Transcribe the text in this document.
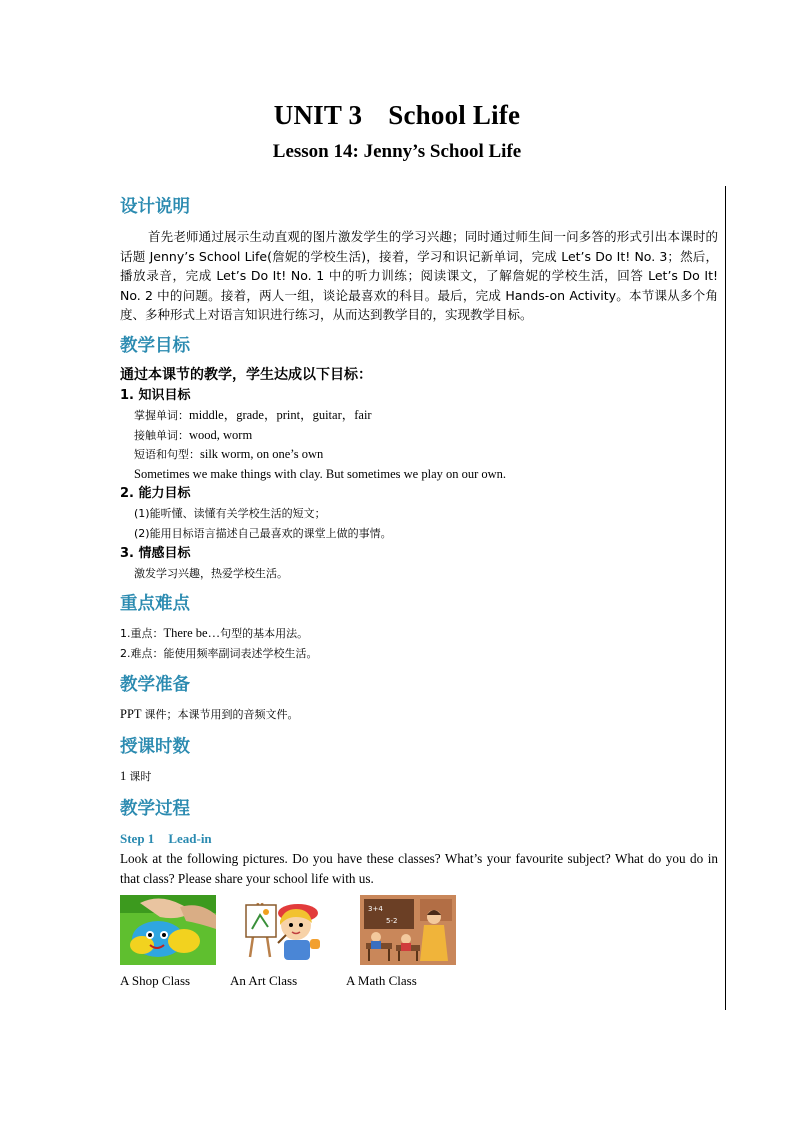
UNIT 3 School Life
Lesson 14: Jenny’s School Life
设计说明
首先老师通过展示生动直观的图片激发学生的学习兴趣；同时通过师生间一问多答的形式引出本课时的话题 Jenny’s School Life(詹妮的学校生活)，接着，学习和识记新单词，完成 Let’s Do It! No. 3；然后，播放录音，完成 Let’s Do It! No. 1 中的听力训练；阅读课文，了解詹妮的学校生活，回答 Let’s Do It! No. 2 中的问题。接着，两人一组，谈论最喜欢的科目。最后，完成 Hands-on Activity。本节课从多个角度、多种形式上对语言知识进行练习，从而达到教学目的，实现教学目标。
教学目标
通过本课节的教学，学生达成以下目标：
1. 知识目标
掌握单词：middle，grade，print，guitar，fair
接触单词：wood, worm
短语和句型：silk worm, on one’s own
Sometimes we make things with clay. But sometimes we play on our own.
2. 能力目标
(1)能听懂、读懂有关学校生活的短文；
(2)能用目标语言描述自己最喜欢的课堂上做的事情。
3. 情感目标
激发学习兴趣，热爱学校生活。
重点难点
1.重点：There be…句型的基本用法。
2.难点：能使用频率副词表述学校生活。
教学准备
PPT 课件；本课节用到的音频文件。
授课时数
1 课时
教学过程
Step 1 Lead-in
Look at the following pictures. Do you have these classes? What’s your favourite subject? What do you do in that class? Please share your school life with us.
3+4
5-2
A Shop Class	An Art Class	A Math Class
